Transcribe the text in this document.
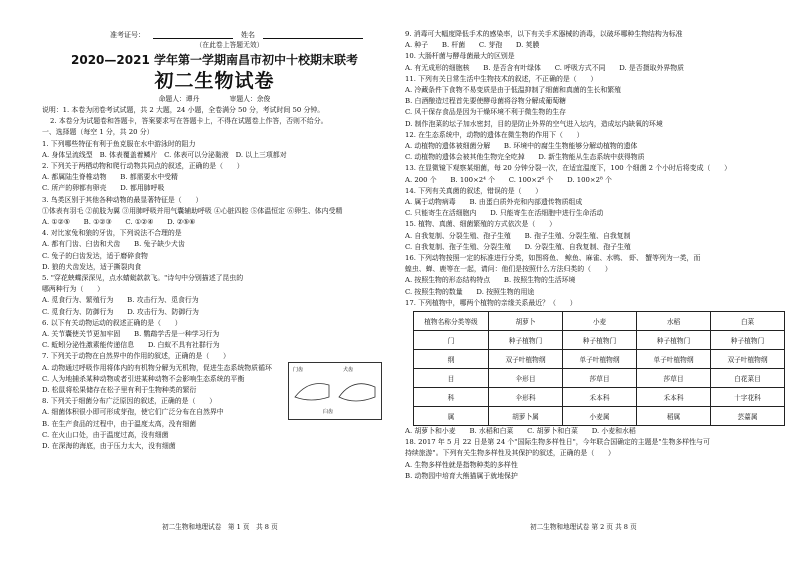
准考证号：	姓名
（在此卷上答题无效）
2020—2021 学年第一学期南昌市初中十校期末联考
初二生物试卷
命题人：谭丹	审题人：余俊
说明：1. 本卷为闭卷考试试题，共 2 大题，24 小题，全卷满分 50 分，考试时间 50 分钟。
2. 本卷分为试题卷和答题卡，答案要求写在答题卡上，不得在试题卷上作答，否则不给分。
一、选择题（每空 1 分，共 20 分）
1. 下列哪些特征有利于鱼克服在水中游泳时的阻力
A. 身体呈流线型　B. 体表覆盖着鳞片　C. 体表可以分泌黏液　D. 以上三项都对
2. 下列关于两栖动物和爬行动物共同点的叙述，正确的是（　　）
A. 都属陆生脊椎动物　　B. 都需要水中受精
C. 所产的卵都有卵壳　　D. 都用肺呼吸
3. 鸟类区别于其他各种动物的最显著特征是（　　）
①体表有羽毛 ②前肢为翼 ③用肺呼吸并用气囊辅助呼吸 ④心脏四腔 ⑤体温恒定 ⑥卵生、体内受精
A. ①②⑤　　B. ①②③　　C. ①②④　　D. ②⑤⑥
4. 对比家兔和狼的牙齿，下列说法不合理的是
A. 都有门齿、臼齿和犬齿　　B. 兔子缺少犬齿
C. 兔子的臼齿发达，适于磨碎食物
D. 狼的犬齿发达，适于撕裂肉食
5. "穿花蛱蝶深深见，点水蜻蜓款款飞。"诗句中分别描述了昆虫的
哪两种行为（　　）
A. 觅食行为、繁殖行为　　B. 攻击行为、觅食行为
C. 觅食行为、防御行为　　D. 攻击行为、防御行为
6. 以下有关动物运动的叙述正确的是（　　）
A. 关节囊使关节更加牢固　　B. 鹦鹉学舌是一种学习行为
C. 蚯蚓分泌性激素能传递信息　　D. 白蚁不具有社群行为
7. 下列关于动物在自然界中的作用的叙述，正确的是（　　）
A. 动物通过呼吸作用将体内的有机物分解为无机物，促进生态系统物质循环
C. 人为地捕杀某种动物或者引进某种动物不会影响生态系统的平衡
D. 松鼠将松果储存在松子里有利于生物种类的繁衍
8. 下列关于细菌分布广泛原因的叙述，正确的是（　　）
A. 细菌体积很小即可形成芽孢，使它们广泛分布在自然界中
B. 在生产食品的过程中，由于温度太高，没有细菌
C. 在火山口处，由于温度过高，没有细菌
D. 在深海的海底，由于压力太大，没有细菌
门齿	犬齿
臼齿
初二生物和地理试卷　第 1 页　共 8 页
9. 消毒可大幅度降低手术的感染率，以下有关手术器械的消毒，以破坏哪种生物结构为标准
A. 种子　　B. 杆菌　　C. 芽孢　　D. 荚膜
10. 大肠杆菌与酵母菌最大的区别是
A. 有无成形的细胞核　　B. 是否含有叶绿体　　C. 呼吸方式不同　　D. 是否摄取外界物质
11. 下列有关日常生活中生物技术的叙述，不正确的是（　　）
A. 冷藏条件下食物不易变质是由于低温抑制了细菌和真菌的生长和繁殖
B. 白酒酿造过程首先要使酵母菌将谷物分解成葡萄糖
C. 风干保存食品是因为干燥环境不利于微生物的生存
D. 制作泡菜的坛子加水密封，目的是防止外界的空气进入坛内，造成坛内缺氧的环境
12. 在生态系统中，动物的遗体在微生物的作用下（　　）
A. 动植物的遗体被细菌分解　　B. 环境中的腐生生物能够分解动植物的遗体
C. 动植物的遗体会被其他生物完全吃掉　　D. 新生物能从生态系统中获得物质
13. 在显微镜下观察某细菌，每 20 分钟分裂一次，在适宜温度下，100 个细菌 2 个小时后将变成（　　）
A. 200 个　　B. 100×2⁴ 个　　C. 100×2⁶ 个　　D. 100×2⁸ 个
14. 下列有关真菌的叙述，错误的是（　　）
A. 属于动物病毒　　B. 由蛋白质外壳和内部遗传物质组成
C. 只能寄生在活细胞内　　D. 只能寄生在活细胞中进行生命活动
15. 植物、真菌、细菌繁殖的方式依次是（　　）
A. 自我复制、分裂生殖、孢子生殖　　B. 孢子生殖、分裂生殖、自我复制
C. 自我复制、孢子生殖、分裂生殖　　D. 分裂生殖、自我复制、孢子生殖
16. 下列动物按照一定的标准进行分类，如图将鱼、 鲸鱼、麻雀、水鸭、 虾、 蟹等列为一类，而
蝗虫、蝉、鹿等在一起，请问：他们是按照什么方法归类的（　　）
A. 按照生物的形态结构特点　　B. 按照生物的生活环境
C. 按照生物的数量　　D. 按照生物的用途
17. 下列植物中，哪两个植物的亲缘关系最近？（　　）
植物名称分类等级	胡萝卜	小麦	水稻	白菜
门	种子植物门	种子植物门	种子植物门	种子植物门
纲	双子叶植物纲	单子叶植物纲	单子叶植物纲	双子叶植物纲
目	伞形目	莎草目	莎草目	白花菜目
科	伞形科	禾本科	禾本科	十字花科
属	胡萝卜属	小麦属	稻属	芸薹属
A. 胡萝卜和小麦　　B. 水稻和白菜　　C. 胡萝卜和白菜　　D. 小麦和水稻
18. 2017 年 5 月 22 日是第 24 个"国际生物多样性日"，今年联合国确定的主题是"生物多样性与可
持续旅游"。下列有关生物多样性及其保护的叙述，正确的是（　　）
A. 生物多样性就是指物种类的多样性
B. 动物园中培育大熊猫属于就地保护
初二生物和地理试卷 第 2 页 共 8 页
